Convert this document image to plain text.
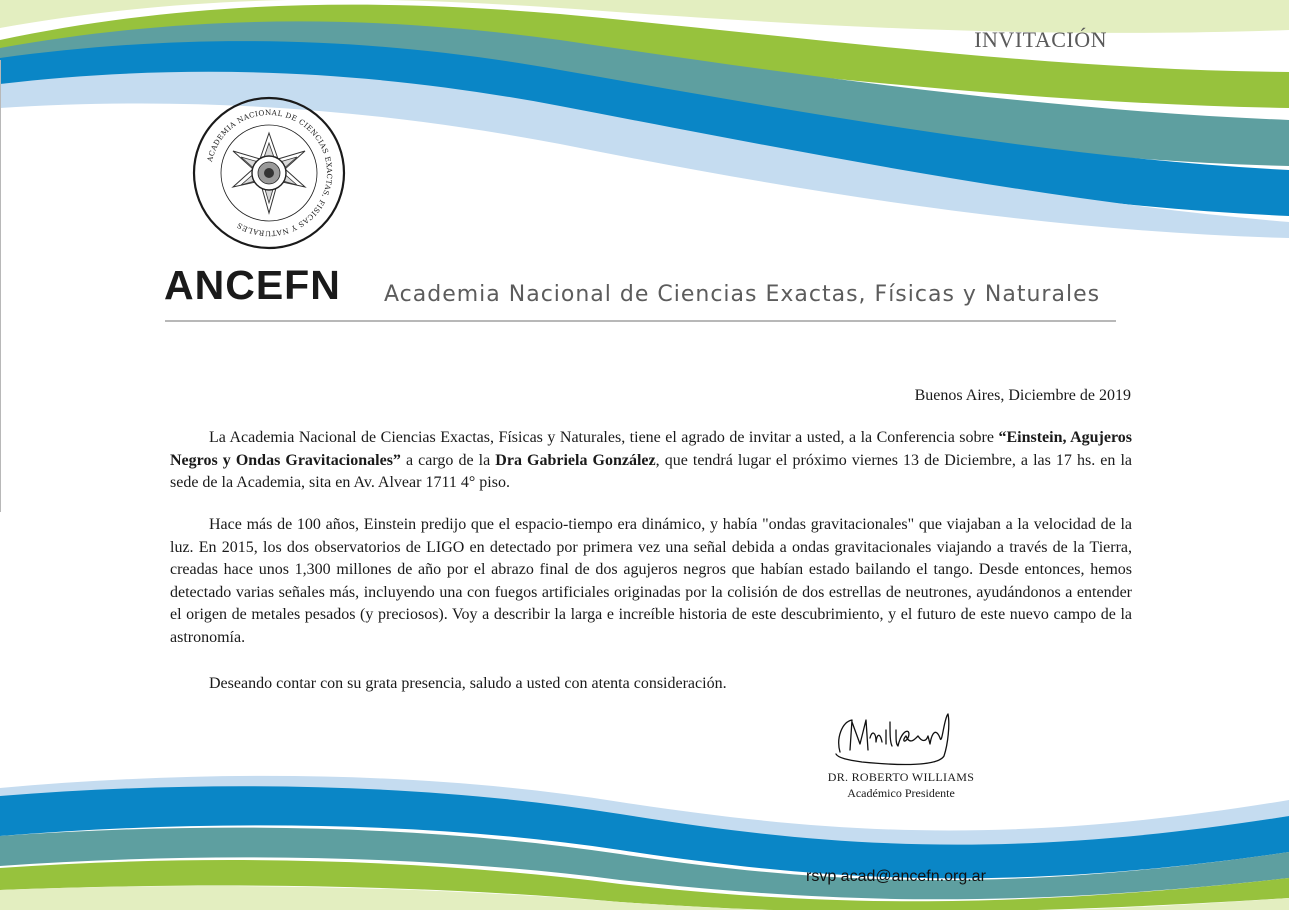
INVITACIÓN
ACADEMIA NACIONAL DE CIENCIAS EXACTAS, FISICAS Y NATURALES
ANCEFN Academia Nacional de Ciencias Exactas, Físicas y Naturales
Buenos Aires, Diciembre de 2019
La Academia Nacional de Ciencias Exactas, Físicas y Naturales, tiene el agrado de invitar a usted, a la Conferencia sobre “Einstein, Agujeros Negros y Ondas Gravitacionales” a cargo de la Dra Gabriela González, que tendrá lugar el próximo viernes 13 de Diciembre, a las 17 hs. en la sede de la Academia, sita en Av. Alvear 1711 4° piso.
Hace más de 100 años, Einstein predijo que el espacio-tiempo era dinámico, y había "ondas gravitacionales" que viajaban a la velocidad de la luz. En 2015, los dos observatorios de LIGO en detectado por primera vez una señal debida a ondas gravitacionales viajando a través de la Tierra, creadas hace unos 1,300 millones de año por el abrazo final de dos agujeros negros que habían estado bailando el tango. Desde entonces, hemos detectado varias señales más, incluyendo una con fuegos artificiales originadas por la colisión de dos estrellas de neutrones, ayudándonos a entender el origen de metales pesados (y preciosos). Voy a describir la larga e increíble historia de este descubrimiento, y el futuro de este nuevo campo de la astronomía.
Deseando contar con su grata presencia, saludo a usted con atenta consideración.
DR. ROBERTO WILLIAMS
Académico Presidente
rsvp acad@ancefn.org.ar
